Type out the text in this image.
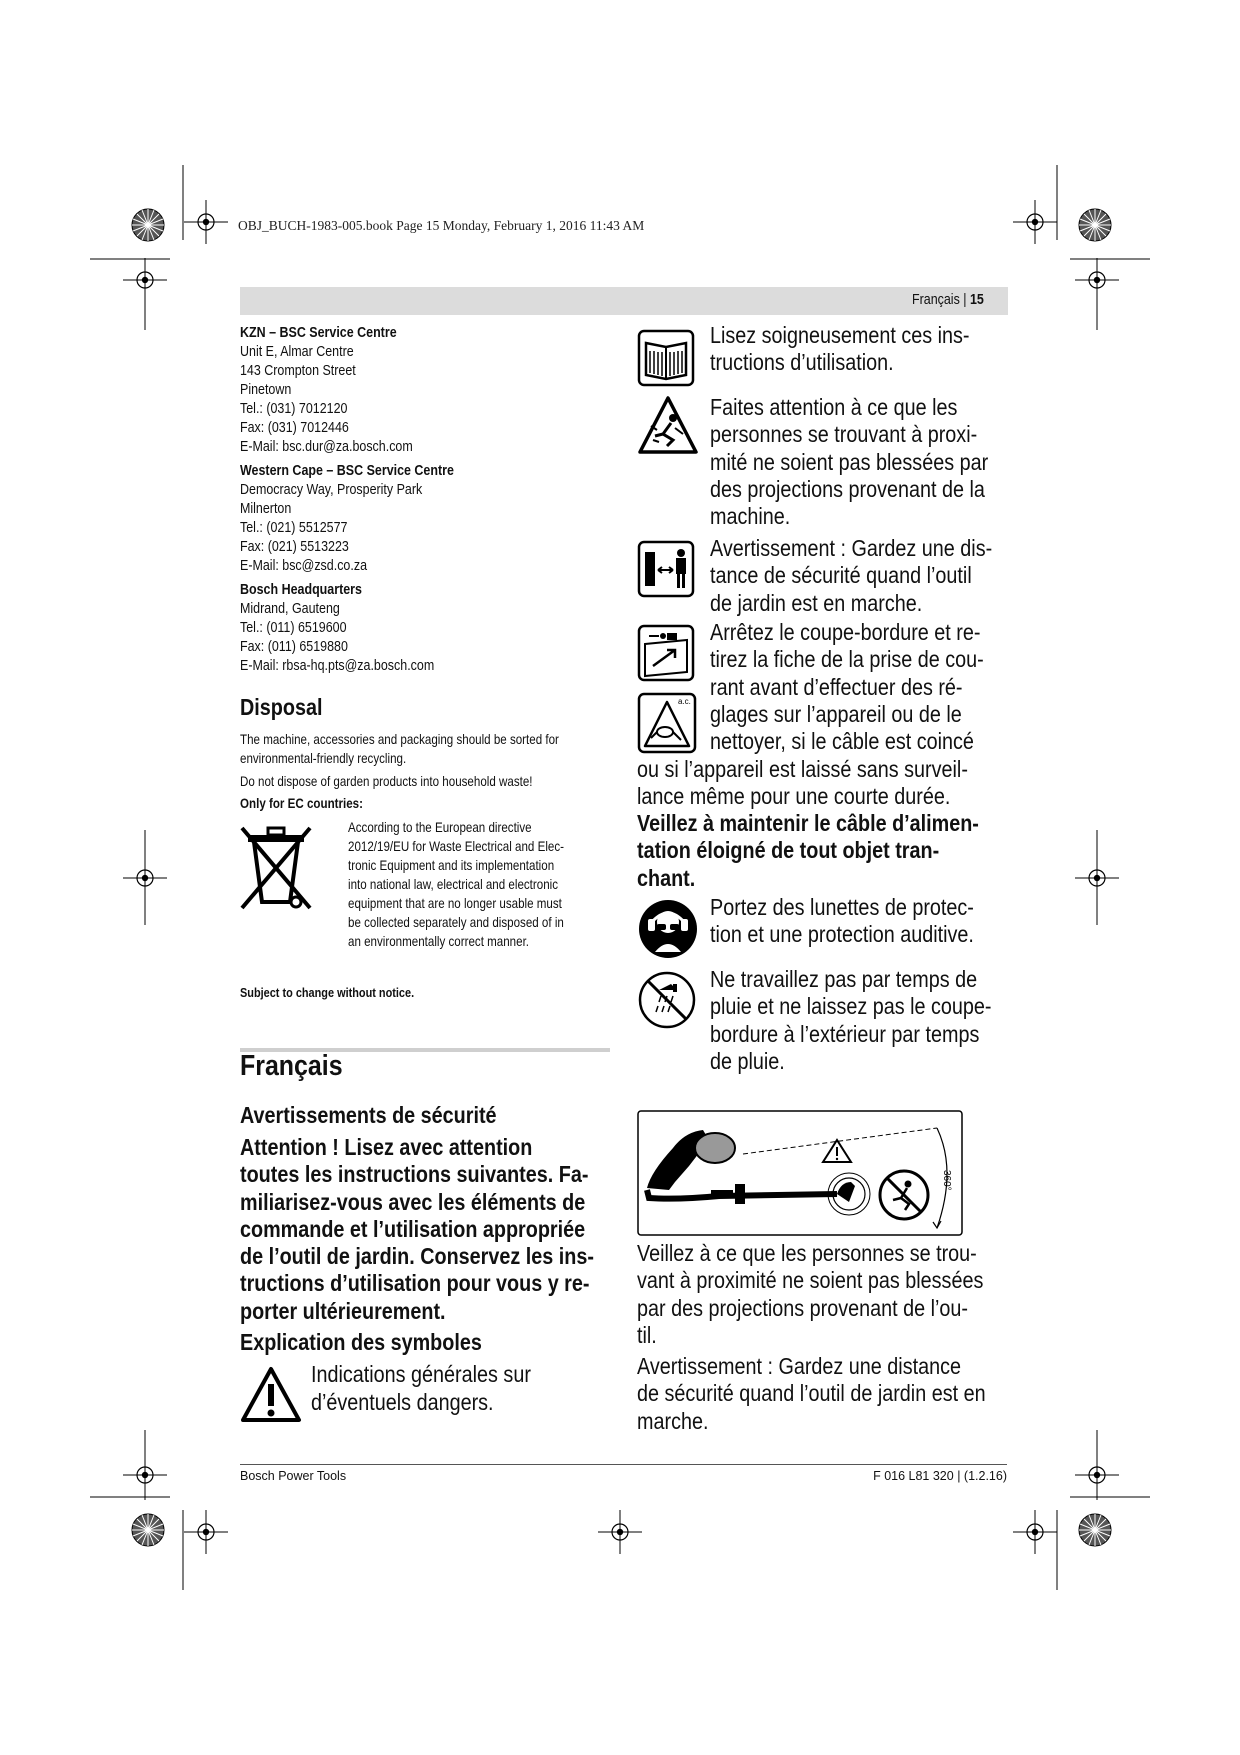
OBJ_BUCH-1983-005.book Page 15 Monday, February 1, 2016 11:43 AM
Français | 15
KZN – BSC Service Centre
Unit E, Almar Centre
143 Crompton Street
Pinetown
Tel.: (031) 7012120
Fax: (031) 7012446
E-Mail: bsc.dur@za.bosch.com
Western Cape – BSC Service Centre
Democracy Way, Prosperity Park
Milnerton
Tel.: (021) 5512577
Fax: (021) 5513223
E-Mail: bsc@zsd.co.za
Bosch Headquarters
Midrand, Gauteng
Tel.: (011) 6519600
Fax: (011) 6519880
E-Mail: rbsa-hq.pts@za.bosch.com
Disposal
The machine, accessories and packaging should be sorted for
environmental-friendly recycling.
Do not dispose of garden products into household waste!
Only for EC countries:
According to the European directive
2012/19/EU for Waste Electrical and Elec-
tronic Equipment and its implementation
into national law, electrical and electronic
equipment that are no longer usable must
be collected separately and disposed of in
an environmentally correct manner.
Subject to change without notice.
Français
Avertissements de sécurité
Attention ! Lisez avec attention
toutes les instructions suivantes. Fa-
miliarisez-vous avec les éléments de
commande et l’utilisation appropriée
de l’outil de jardin. Conservez les ins-
tructions d’utilisation pour vous y re-
porter ultérieurement.
Explication des symboles
Indications générales sur
d’éventuels dangers.
Lisez soigneusement ces ins-
tructions d’utilisation.
Faites attention à ce que les
personnes se trouvant à proxi-
mité ne soient pas blessées par
des projections provenant de la
machine.
Avertissement : Gardez une dis-
tance de sécurité quand l’outil
de jardin est en marche.
a.c.
Arrêtez le coupe-bordure et re-
tirez la fiche de la prise de cou-
rant avant d’effectuer des ré-
glages sur l’appareil ou de le
nettoyer, si le câble est coincé
ou si l’appareil est laissé sans surveil-
lance même pour une courte durée.
Veillez à maintenir le câble d’alimen-
tation éloigné de tout objet tran-
chant.
Portez des lunettes de protec-
tion et une protection auditive.
Ne travaillez pas par temps de
pluie et ne laissez pas le coupe-
bordure à l’extérieur par temps
de pluie.
360°
Veillez à ce que les personnes se trou-
vant à proximité ne soient pas blessées
par des projections provenant de l’ou-
til.
Avertissement : Gardez une distance
de sécurité quand l’outil de jardin est en
marche.
Bosch Power Tools	F 016 L81 320 | (1.2.16)
